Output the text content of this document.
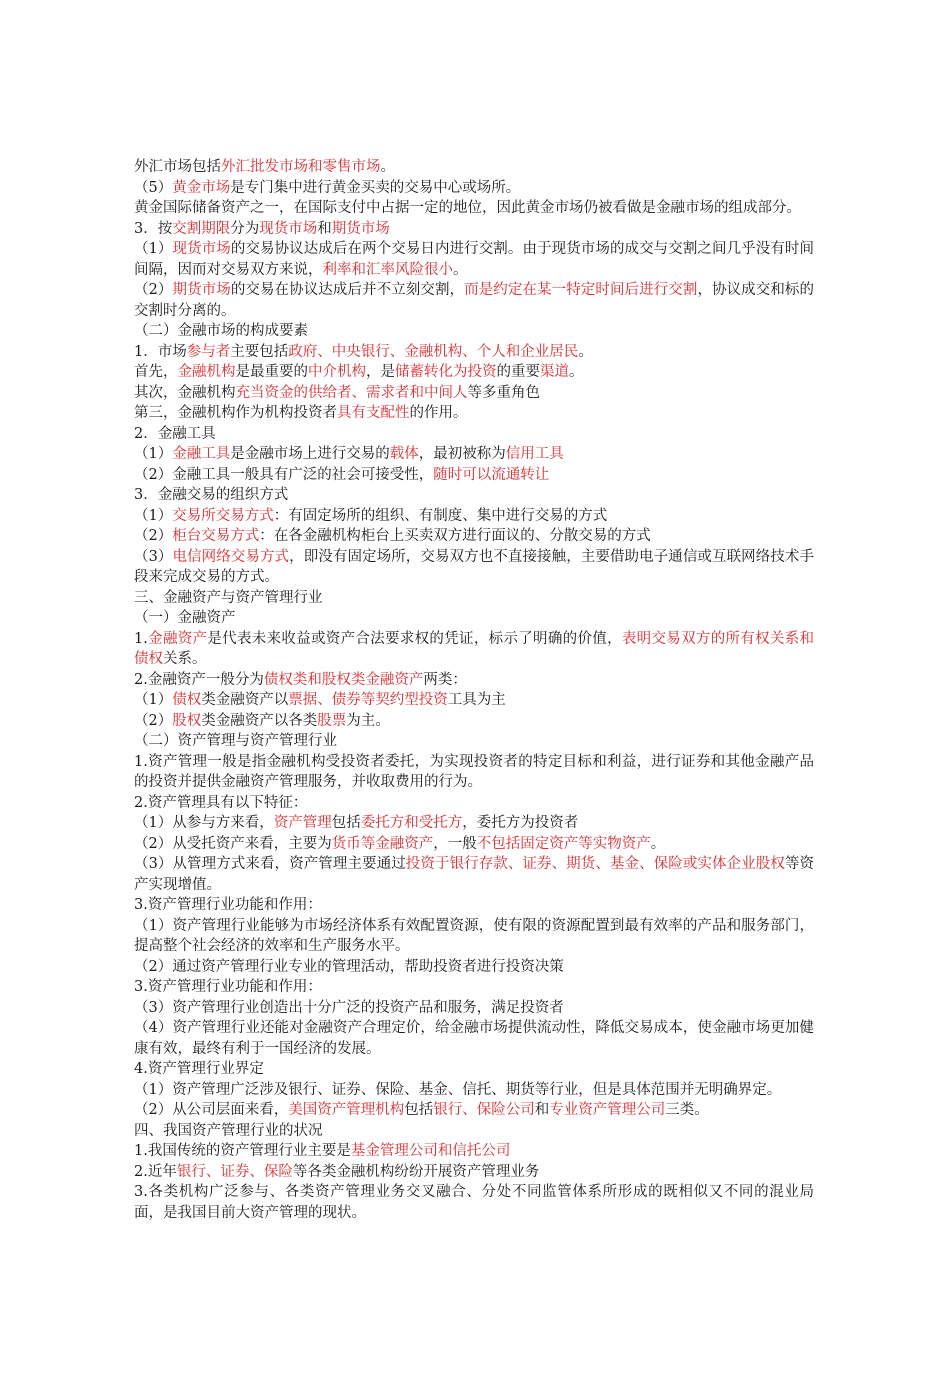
外汇市场包括外汇批发市场和零售市场。

（5）黄金市场是专门集中进行黄金买卖的交易中心或场所。

黄金国际储备资产之一，在国际支付中占据一定的地位，因此黄金市场仍被看做是金融市场的组成部分。

3．按交割期限分为现货市场和期货市场

（1）现货市场的交易协议达成后在两个交易日内进行交割。由于现货市场的成交与交割之间几乎没有时间间隔，因而对交易双方来说，利率和汇率风险很小。

（2）期货市场的交易在协议达成后并不立刻交割，而是约定在某一特定时间后进行交割，协议成交和标的交割时分离的。

（二）金融市场的构成要素

1．市场参与者主要包括政府、中央银行、金融机构、个人和企业居民。

首先，金融机构是最重要的中介机构，是储蓄转化为投资的重要渠道。

其次，金融机构充当资金的供给者、需求者和中间人等多重角色

第三，金融机构作为机构投资者具有支配性的作用。

2．金融工具

（1）金融工具是金融市场上进行交易的载体，最初被称为信用工具

（2）金融工具一般具有广泛的社会可接受性，随时可以流通转让

3．金融交易的组织方式

（1）交易所交易方式：有固定场所的组织、有制度、集中进行交易的方式

（2）柜台交易方式：在各金融机构柜台上买卖双方进行面议的、分散交易的方式

（3）电信网络交易方式，即没有固定场所，交易双方也不直接接触，主要借助电子通信或互联网络技术手段来完成交易的方式。

三、金融资产与资产管理行业

（一）金融资产

1.金融资产是代表未来收益或资产合法要求权的凭证，标示了明确的价值，表明交易双方的所有权关系和债权关系。

2.金融资产一般分为债权类和股权类金融资产两类：

（1）债权类金融资产以票据、债券等契约型投资工具为主

（2）股权类金融资产以各类股票为主。

（二）资产管理与资产管理行业

1.资产管理一般是指金融机构受投资者委托，为实现投资者的特定目标和利益，进行证券和其他金融产品的投资并提供金融资产管理服务，并收取费用的行为。

2.资产管理具有以下特征：

（1）从参与方来看，资产管理包括委托方和受托方，委托方为投资者

（2）从受托资产来看，主要为货币等金融资产，一般不包括固定资产等实物资产。

（3）从管理方式来看，资产管理主要通过投资于银行存款、证券、期货、基金、保险或实体企业股权等资产实现增值。

3.资产管理行业功能和作用：

（1）资产管理行业能够为市场经济体系有效配置资源，使有限的资源配置到最有效率的产品和服务部门，提高整个社会经济的效率和生产服务水平。

（2）通过资产管理行业专业的管理活动，帮助投资者进行投资决策

3.资产管理行业功能和作用：

（3）资产管理行业创造出十分广泛的投资产品和服务，满足投资者

（4）资产管理行业还能对金融资产合理定价，给金融市场提供流动性，降低交易成本，使金融市场更加健康有效，最终有利于一国经济的发展。

4.资产管理行业界定

（1）资产管理广泛涉及银行、证券、保险、基金、信托、期货等行业，但是具体范围并无明确界定。

（2）从公司层面来看，美国资产管理机构包括银行、保险公司和专业资产管理公司三类。

四、我国资产管理行业的状况

1.我国传统的资产管理行业主要是基金管理公司和信托公司

2.近年银行、证券、保险等各类金融机构纷纷开展资产管理业务

3.各类机构广泛参与、各类资产管理业务交叉融合、分处不同监管体系所形成的既相似又不同的混业局面，是我国目前大资产管理的现状。
